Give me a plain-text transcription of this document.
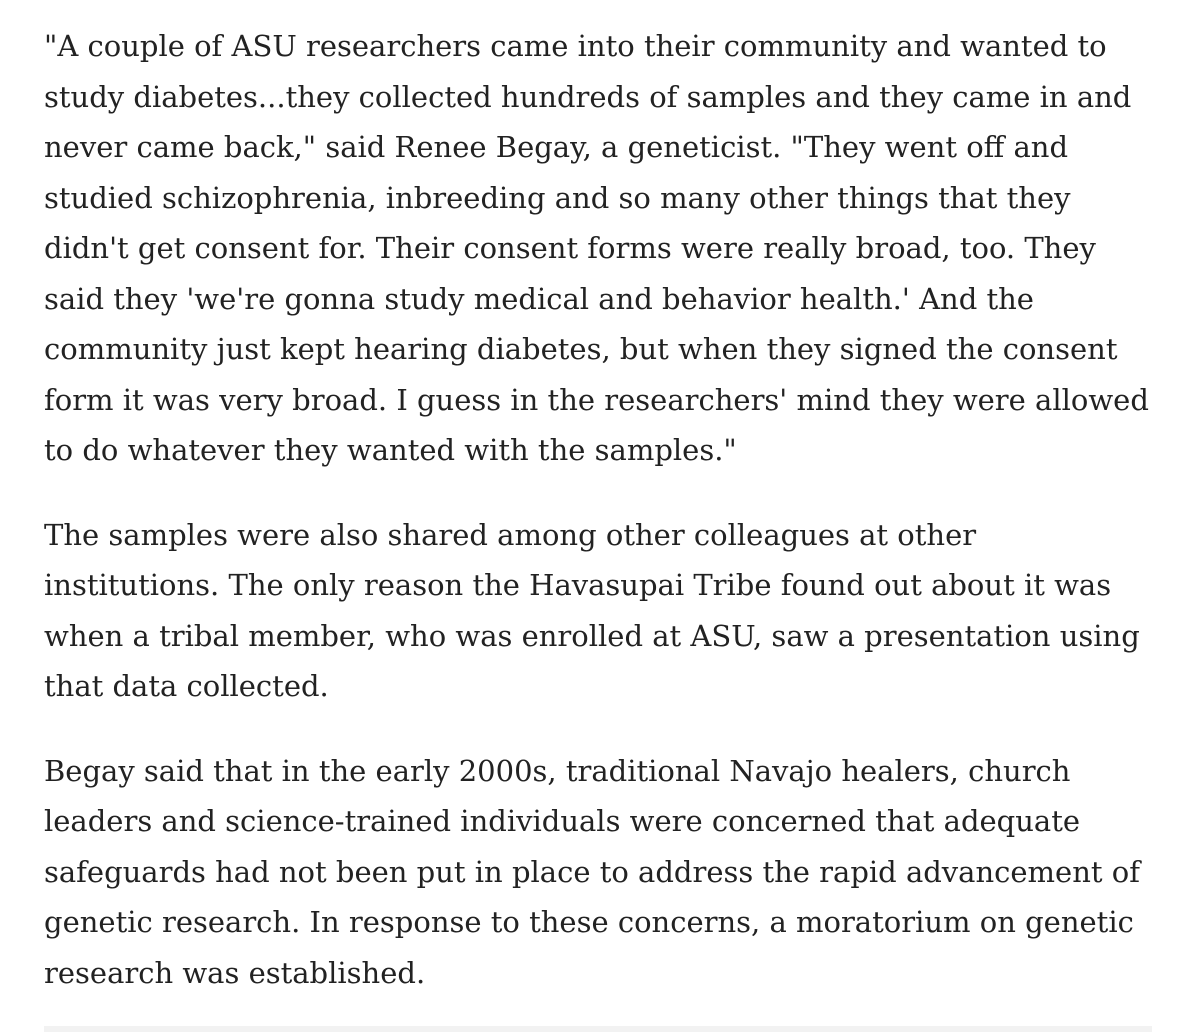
"A couple of ASU researchers came into their community and wanted to study diabetes...they collected hundreds of samples and they came in and never came back," said Renee Begay, a geneticist. "They went off and studied schizophrenia, inbreeding and so many other things that they didn't get consent for. Their consent forms were really broad, too. They said they 'we're gonna study medical and behavior health.' And the community just kept hearing diabetes, but when they signed the consent form it was very broad. I guess in the researchers' mind they were allowed to do whatever they wanted with the samples."

The samples were also shared among other colleagues at other institutions. The only reason the Havasupai Tribe found out about it was when a tribal member, who was enrolled at ASU, saw a presentation using that data collected.

Begay said that in the early 2000s, traditional Navajo healers, church leaders and science-trained individuals were concerned that adequate safeguards had not been put in place to address the rapid advancement of genetic research. In response to these concerns, a moratorium on genetic research was established.
